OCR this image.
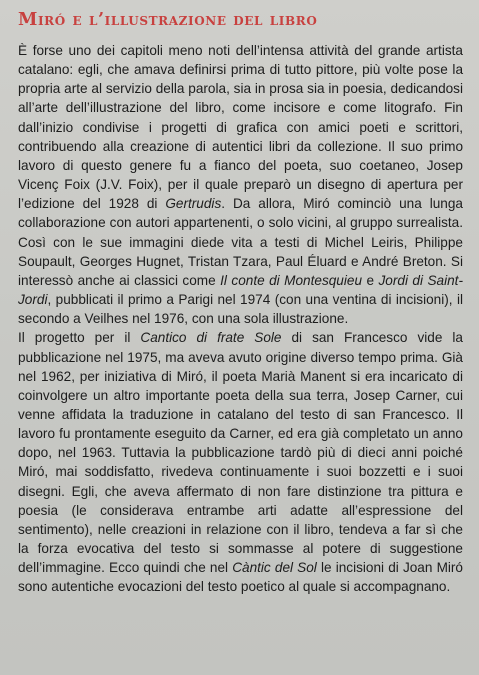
Miró e l’illustrazione del libro

È forse uno dei capitoli meno noti dell’intensa attività del grande artista catalano: egli, che amava definirsi prima di tutto pittore, più volte pose la propria arte al servizio della parola, sia in prosa sia in poesia, dedicandosi all’arte dell’illustrazione del libro, come incisore e come litografo. Fin dall’inizio condivise i progetti di grafica con amici poeti e scrittori, contribuendo alla creazione di autentici libri da collezione. Il suo primo lavoro di questo genere fu a fianco del poeta, suo coetaneo, Josep Vicenç Foix (J.V. Foix), per il quale preparò un disegno di apertura per l’edizione del 1928 di Gertrudis. Da allora, Miró cominciò una lunga collaborazione con autori appartenenti, o solo vicini, al gruppo surrealista. Così con le sue immagini diede vita a testi di Michel Leiris, Philippe Soupault, Georges Hugnet, Tristan Tzara, Paul Éluard e André Breton. Si interessò anche ai classici come Il conte di Montesquieu e Jordi di Saint-Jordi, pubblicati il primo a Parigi nel 1974 (con una ventina di incisioni), il secondo a Veilhes nel 1976, con una sola illustrazione.

Il progetto per il Cantico di frate Sole di san Francesco vide la pubblicazione nel 1975, ma aveva avuto origine diverso tempo prima. Già nel 1962, per iniziativa di Miró, il poeta Marià Manent si era incaricato di coinvolgere un altro importante poeta della sua terra, Josep Carner, cui venne affidata la traduzione in catalano del testo di san Francesco. Il lavoro fu prontamente eseguito da Carner, ed era già completato un anno dopo, nel 1963. Tuttavia la pubblicazione tardò più di dieci anni poiché Miró, mai soddisfatto, rivedeva continuamente i suoi bozzetti e i suoi disegni. Egli, che aveva affermato di non fare distinzione tra pittura e poesia (le considerava entrambe arti adatte all’espressione del sentimento), nelle creazioni in relazione con il libro, tendeva a far sì che la forza evocativa del testo si sommasse al potere di suggestione dell’immagine. Ecco quindi che nel Càntic del Sol le incisioni di Joan Miró sono autentiche evocazioni del testo poetico al quale si accompagnano.
